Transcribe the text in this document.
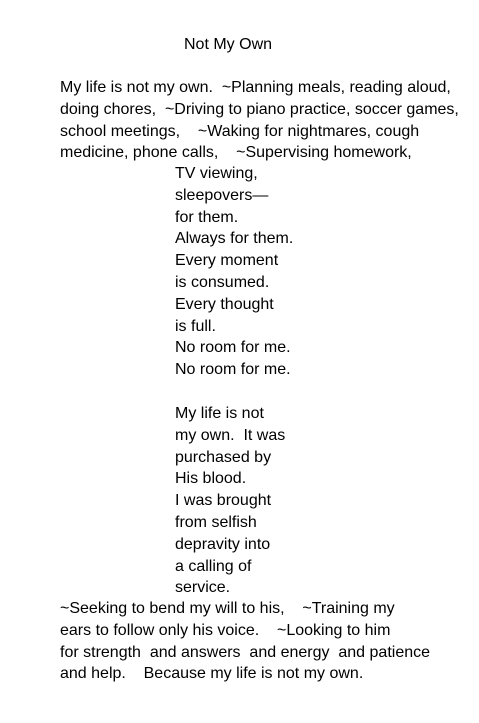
Not My Own
My life is not my own.  ~Planning meals, reading aloud,
doing chores,  ~Driving to piano practice, soccer games,
school meetings,    ~Waking for nightmares, cough
medicine, phone calls,    ~Supervising homework,
TV viewing,
sleepovers—
for them.
Always for them.
Every moment
is consumed.
Every thought
is full.
No room for me.
No room for me.
My life is not
my own.  It was
purchased by
His blood.
I was brought
from selfish
depravity into
a calling of
service.
~Seeking to bend my will to his,    ~Training my
ears to follow only his voice.    ~Looking to him
for strength  and answers  and energy  and patience
and help.    Because my life is not my own.
